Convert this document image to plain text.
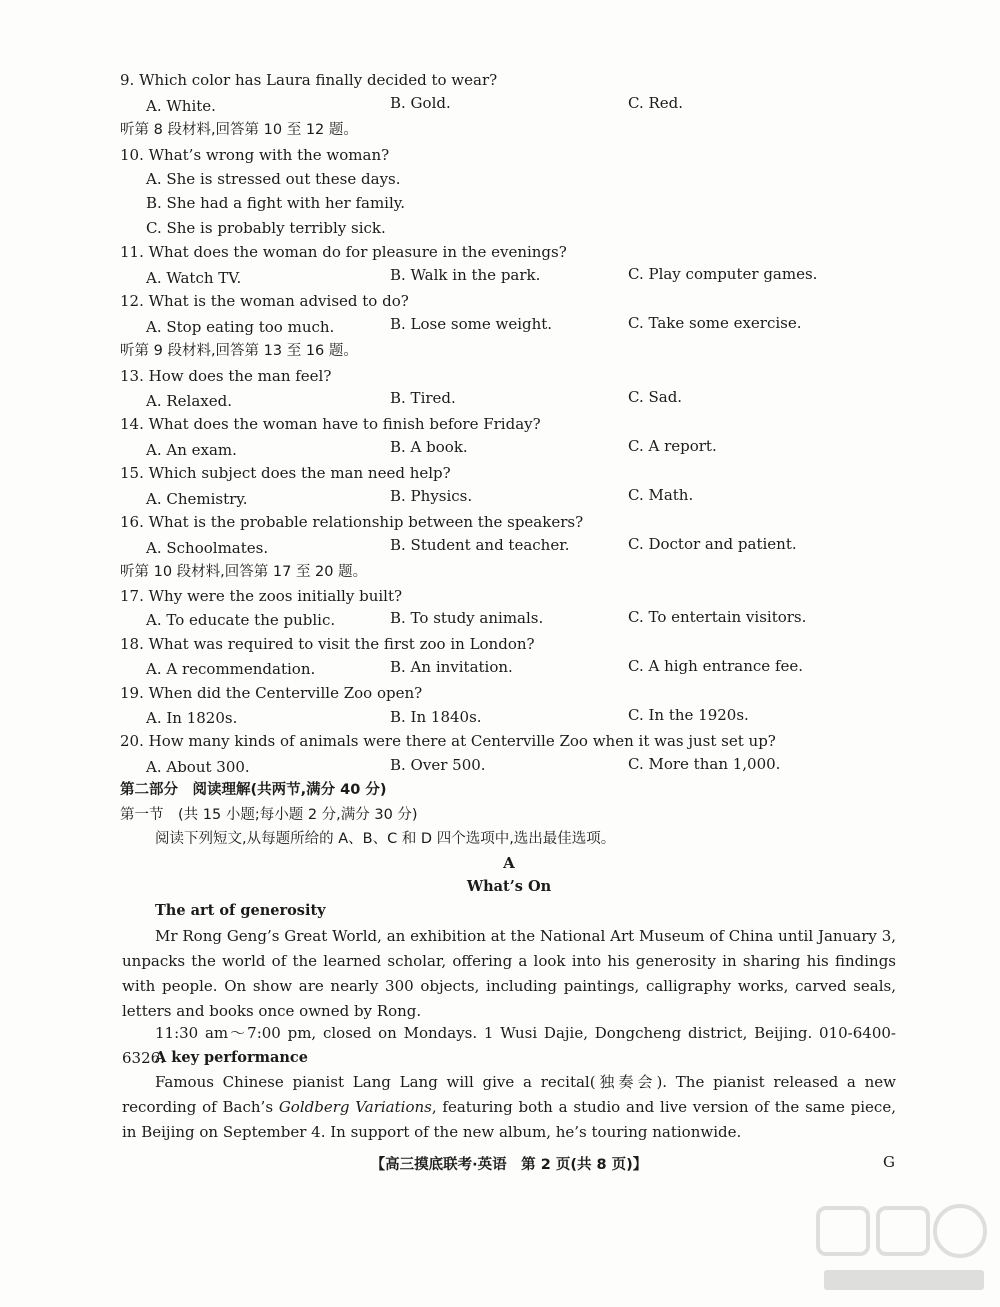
9. Which color has Laura finally decided to wear?
A. White.	B. Gold.	C. Red.
听第 8 段材料,回答第 10 至 12 题。
10. What’s wrong with the woman?
A. She is stressed out these days.
B. She had a fight with her family.
C. She is probably terribly sick.
11. What does the woman do for pleasure in the evenings?
A. Watch TV.	B. Walk in the park.	C. Play computer games.
12. What is the woman advised to do?
A. Stop eating too much.	B. Lose some weight.	C. Take some exercise.
听第 9 段材料,回答第 13 至 16 题。
13. How does the man feel?
A. Relaxed.	B. Tired.	C. Sad.
14. What does the woman have to finish before Friday?
A. An exam.	B. A book.	C. A report.
15. Which subject does the man need help?
A. Chemistry.	B. Physics.	C. Math.
16. What is the probable relationship between the speakers?
A. Schoolmates.	B. Student and teacher.	C. Doctor and patient.
听第 10 段材料,回答第 17 至 20 题。
17. Why were the zoos initially built?
A. To educate the public.	B. To study animals.	C. To entertain visitors.
18. What was required to visit the first zoo in London?
A. A recommendation.	B. An invitation.	C. A high entrance fee.
19. When did the Centerville Zoo open?
A. In 1820s.	B. In 1840s.	C. In the 1920s.
20. How many kinds of animals were there at Centerville Zoo when it was just set up?
A. About 300.	B. Over 500.	C. More than 1,000.
第二部分　阅读理解(共两节,满分 40 分)
第一节　(共 15 小题;每小题 2 分,满分 30 分)
阅读下列短文,从每题所给的 A、B、C 和 D 四个选项中,选出最佳选项。
A
What’s On
The art of generosity
Mr Rong Geng’s Great World, an exhibition at the National Art Museum of China until January 3, unpacks the world of the learned scholar, offering a look into his generosity in sharing his findings with people. On show are nearly 300 objects, including paintings, calligraphy works, carved seals, letters and books once owned by Rong.
11:30 am～7:00 pm, closed on Mondays. 1 Wusi Dajie, Dongcheng district, Beijing. 010-6400-6326.
A key performance
Famous Chinese pianist Lang Lang will give a recital(独奏会). The pianist released a new recording of Bach’s Goldberg Variations, featuring both a studio and live version of the same piece, in Beijing on September 4. In support of the new album, he’s touring nationwide.
【高三摸底联考·英语　第 2 页(共 8 页)】	G
